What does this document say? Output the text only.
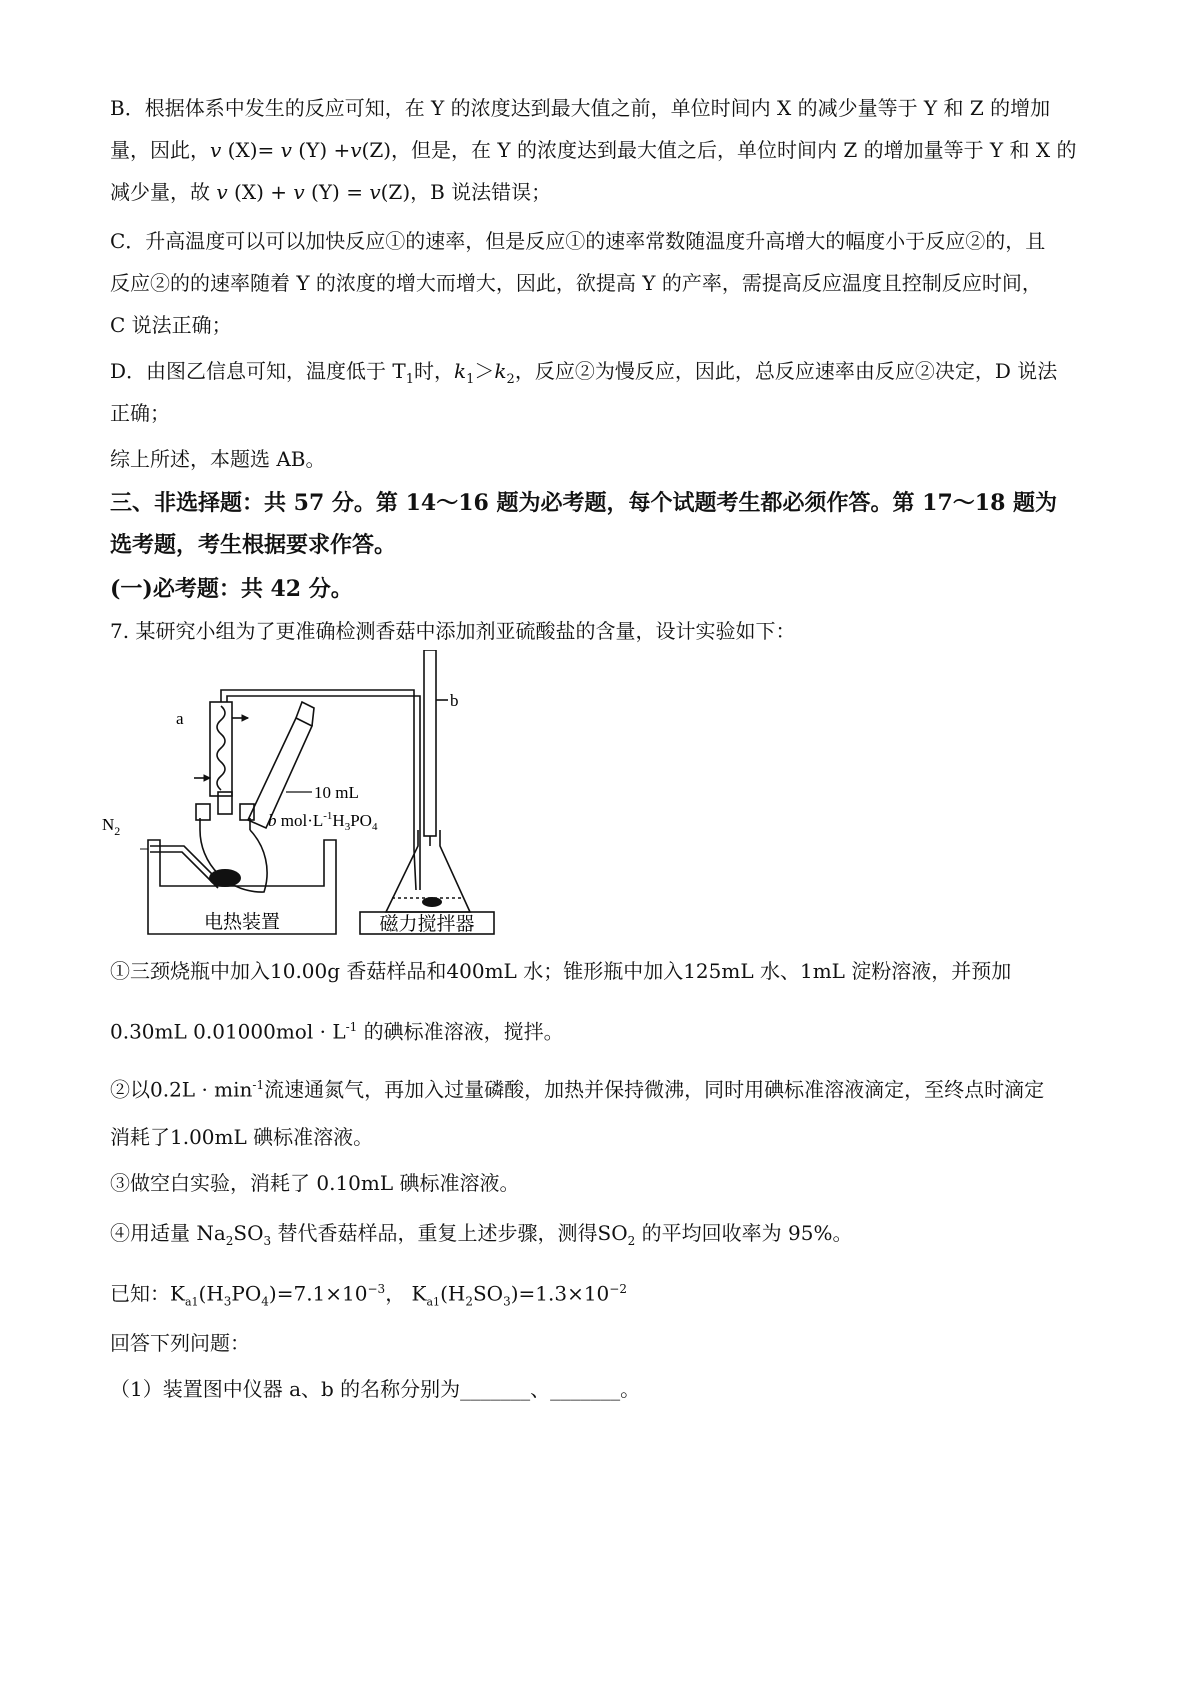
B．根据体系中发生的反应可知，在 Y 的浓度达到最大值之前，单位时间内 X 的减少量等于 Y 和 Z 的增加
量，因此，v (X)= v (Y) +v(Z)，但是，在 Y 的浓度达到最大值之后，单位时间内 Z 的增加量等于 Y 和 X 的
减少量，故 v (X) + v (Y) = v(Z)，B 说法错误；
C．升高温度可以可以加快反应①的速率，但是反应①的速率常数随温度升高增大的幅度小于反应②的，且
反应②的的速率随着 Y 的浓度的增大而增大，因此，欲提高 Y 的产率，需提高反应温度且控制反应时间，
C 说法正确；
D．由图乙信息可知，温度低于 $T_1$时，$k_1>k_2$，反应②为慢反应，因此，总反应速率由反应②决定，D 说法
正确；
综上所述，本题选 AB。
三、非选择题：共 57 分。第 14～16 题为必考题，每个试题考生都必须作答。第 17～18 题为
选考题，考生根据要求作答。
(一)必考题：共 42 分。
7. 某研究小组为了更准确检测香菇中添加剂亚硫酸盐的含量，设计实验如下：
a
b
$N_2$
10 mL
b $mol\cdot L^{-1}H_3PO_4$
电热装置	磁力搅拌器
①三颈烧瓶中加入10.00g 香菇样品和400mL 水；锥形瓶中加入125mL 水、1mL 淀粉溶液，并预加
0.30mL $0.01000mol \cdot L^{-1}$ 的碘标准溶液，搅拌。
②以$0.2L \cdot \min^{-1}$流速通氮气，再加入过量磷酸，加热并保持微沸，同时用碘标准溶液滴定，至终点时滴定
消耗了1.00mL 碘标准溶液。
③做空白实验，消耗了 0.10mL 碘标准溶液。
④用适量 $Na_2SO_3$ 替代香菇样品，重复上述步骤，测得$SO_2$ 的平均回收率为 95%。
已知：$K_{a1}(H_3PO_4)=7.1\times 10^{-3}$， $K_{a1}(H_2SO_3)=1.3\times 10^{-2}$
回答下列问题：
（1）装置图中仪器 a、b 的名称分别为_______、_______。
